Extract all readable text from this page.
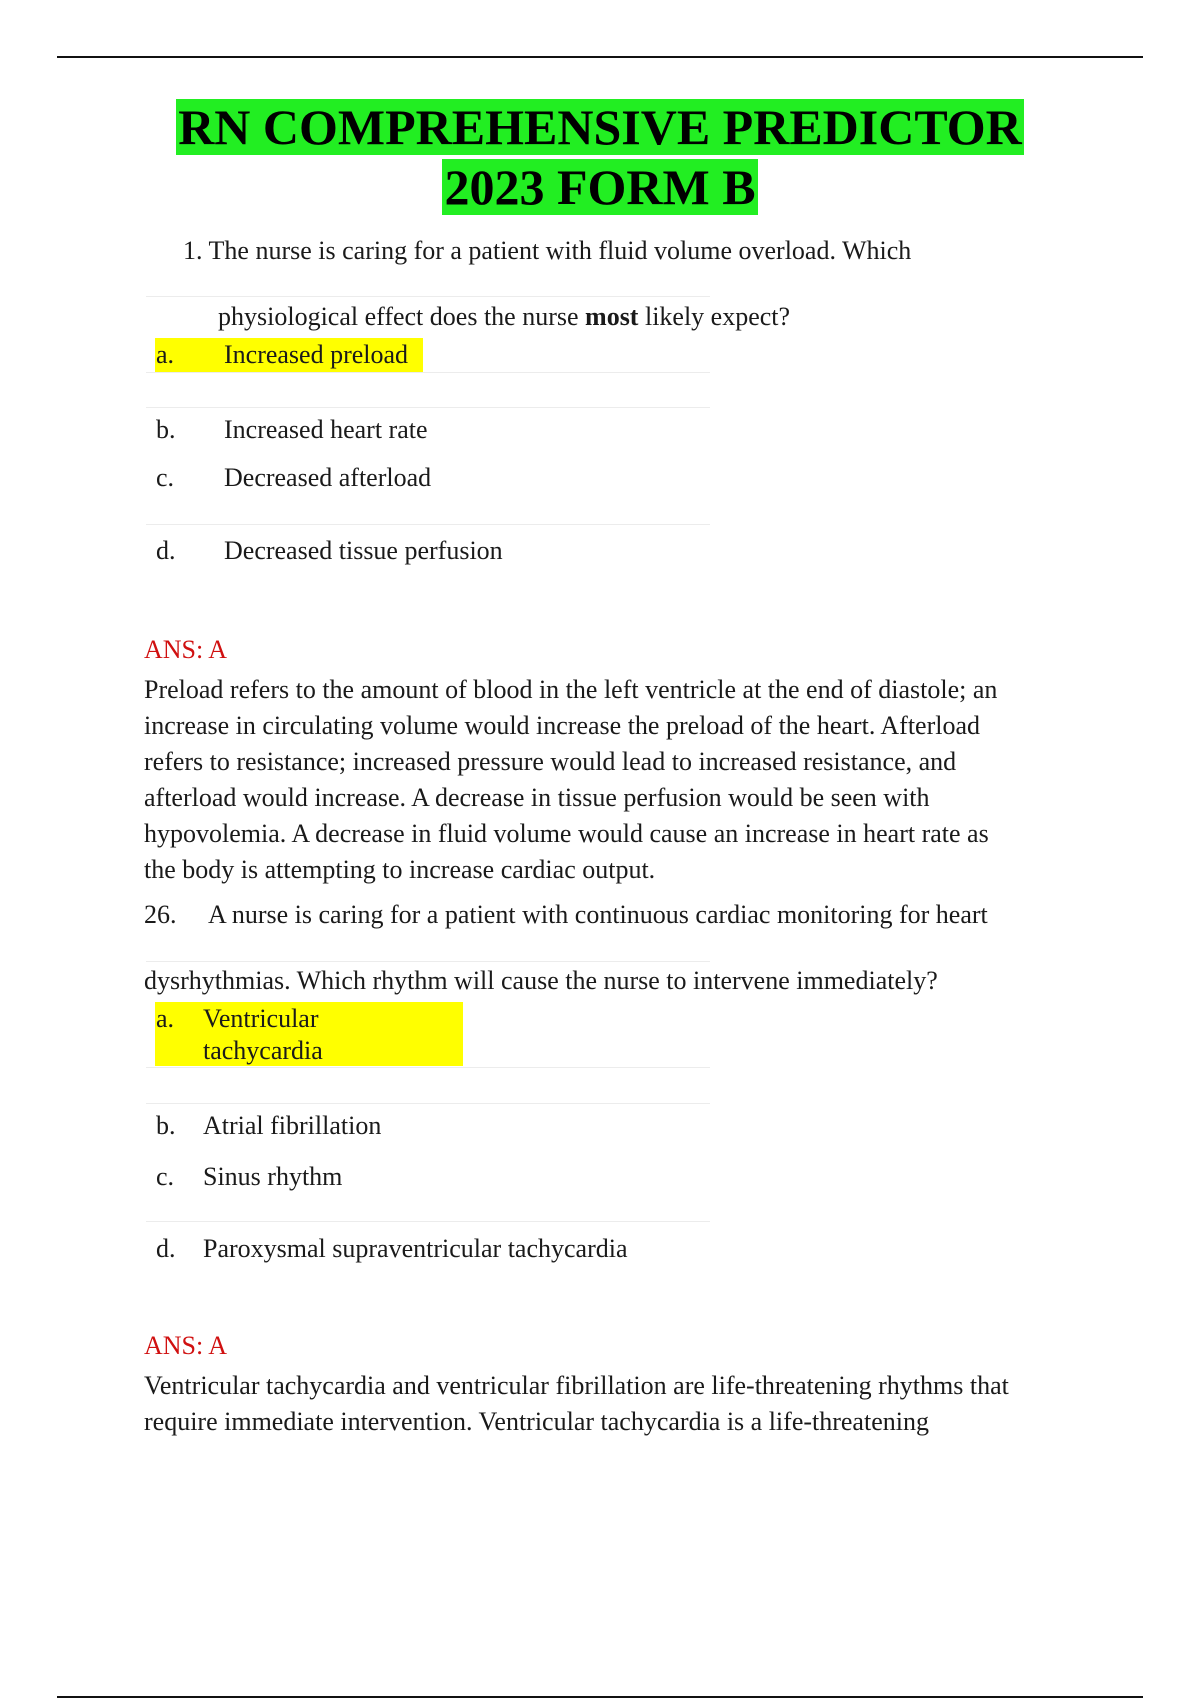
RN COMPREHENSIVE PREDICTOR
2023 FORM B
1. The nurse is caring for a patient with fluid volume overload. Which
physiological effect does the nurse most likely expect?
a. Increased preload
b. Increased heart rate
c. Decreased afterload
d. Decreased tissue perfusion
ANS: A
Preload refers to the amount of blood in the left ventricle at the end of diastole; an
increase in circulating volume would increase the preload of the heart. Afterload
refers to resistance; increased pressure would lead to increased resistance, and
afterload would increase. A decrease in tissue perfusion would be seen with
hypovolemia. A decrease in fluid volume would cause an increase in heart rate as
the body is attempting to increase cardiac output.
26. A nurse is caring for a patient with continuous cardiac monitoring for heart
dysrhythmias. Which rhythm will cause the nurse to intervene immediately?
a. Ventricular
tachycardia
b. Atrial fibrillation
c. Sinus rhythm
d. Paroxysmal supraventricular tachycardia
ANS: A
Ventricular tachycardia and ventricular fibrillation are life-threatening rhythms that
require immediate intervention. Ventricular tachycardia is a life-threatening
